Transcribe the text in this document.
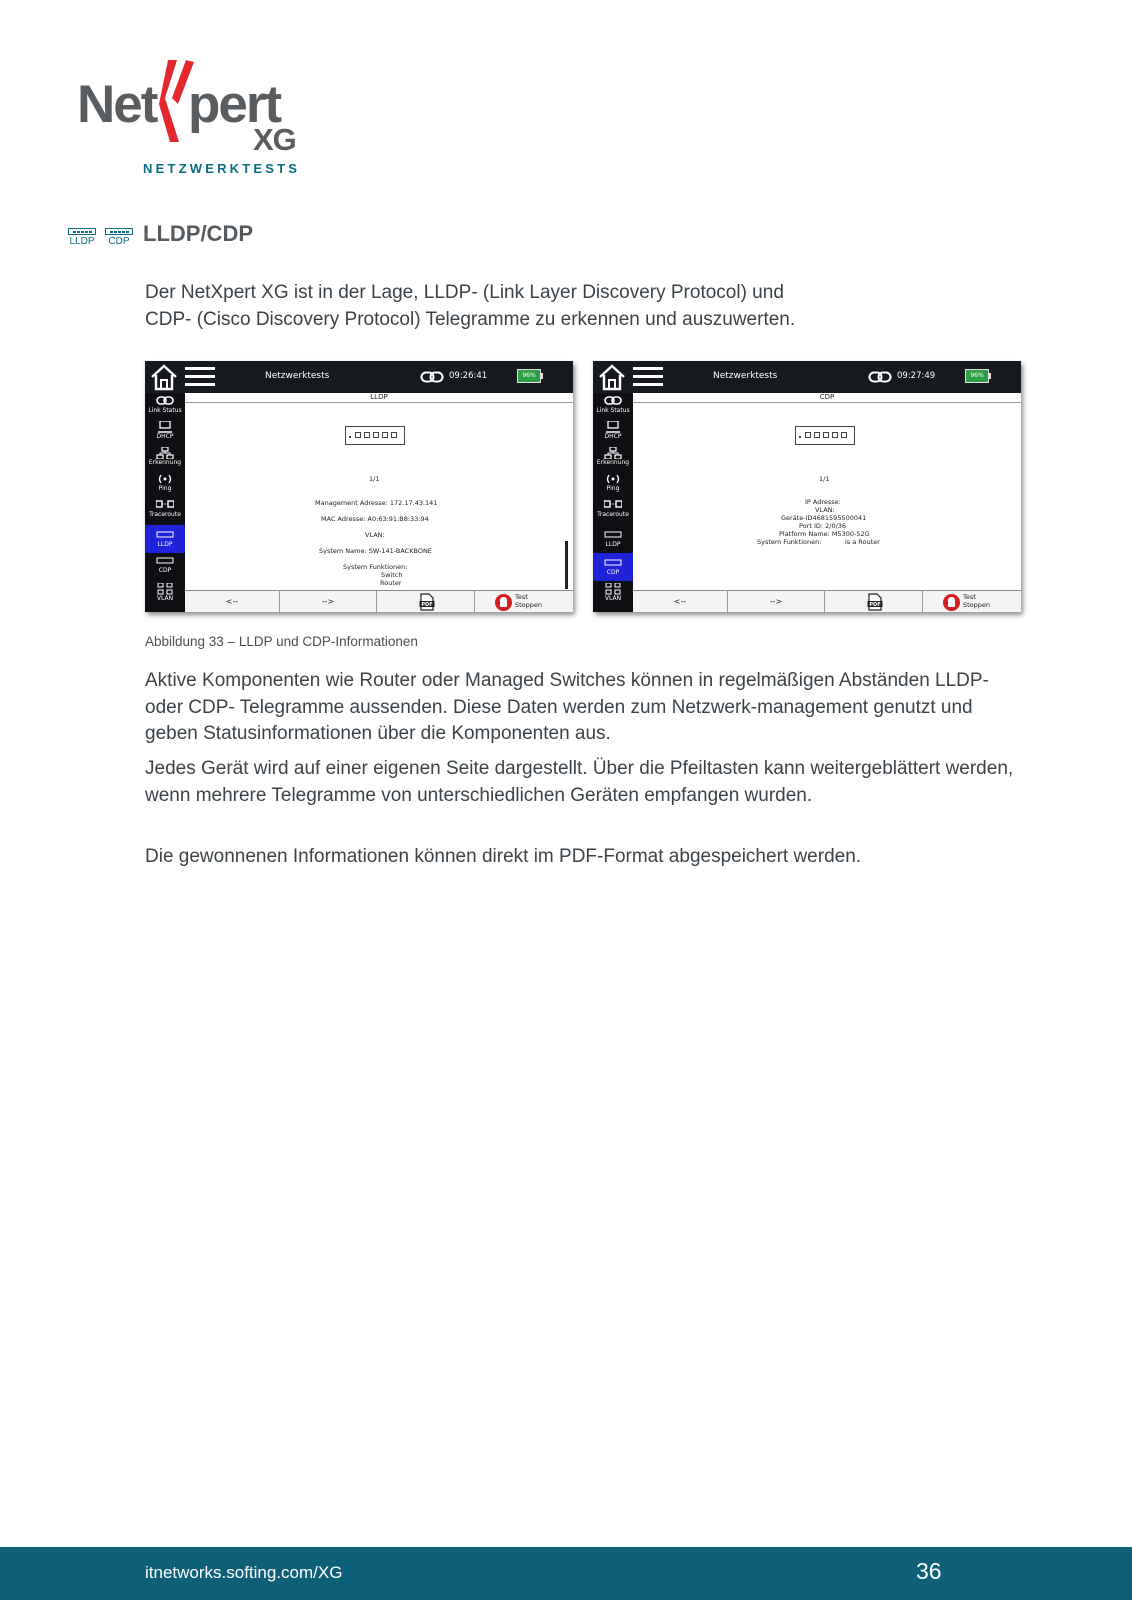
Net pert
XG
NETZWERKTESTS
LLDP	CDP LLDP/CDP

Der NetXpert XG ist in der Lage, LLDP- (Link Layer Discovery Protocol) und CDP- (Cisco Discovery Protocol) Telegramme zu erkennen und auszuwerten.

Netzwerktests	09:26:41	96%
Link Status
DHCP
Erkennung
Ping
Traceroute
LLDP
CDP
VLAN
LLDP
1/1
Management Adresse: 172.17.43.141
MAC Adresse: A0:63:91:B8:33:94
VLAN:
System Name: SW-141-BACKBONE
System Funktionen:
Switch
Router
<--	-->	PDF
Test
Stoppen
Netzwerktests	09:27:49	96%
Link Status
DHCP
Erkennung
Ping
Traceroute
LLDP
CDP
VLAN
CDP
1/1
IP Adresse:
VLAN:
Geräte-ID4681595500041
Port ID: 2/0/36
Platform Name: M5300-52G
System Funktionen:	is a Router
<--	-->	PDF
Test
Stoppen
Abbildung 33 – LLDP und CDP-Informationen

Aktive Komponenten wie Router oder Managed Switches können in regelmäßigen Abständen LLDP- oder CDP- Telegramme aussenden. Diese Daten werden zum Netzwerk-management genutzt und geben Statusinformationen über die Komponenten aus.

Jedes Gerät wird auf einer eigenen Seite dargestellt. Über die Pfeiltasten kann weitergeblättert werden, wenn mehrere Telegramme von unterschiedlichen Geräten empfangen wurden.

Die gewonnenen Informationen können direkt im PDF-Format abgespeichert werden.

itnetworks.softing.com/XG	36
